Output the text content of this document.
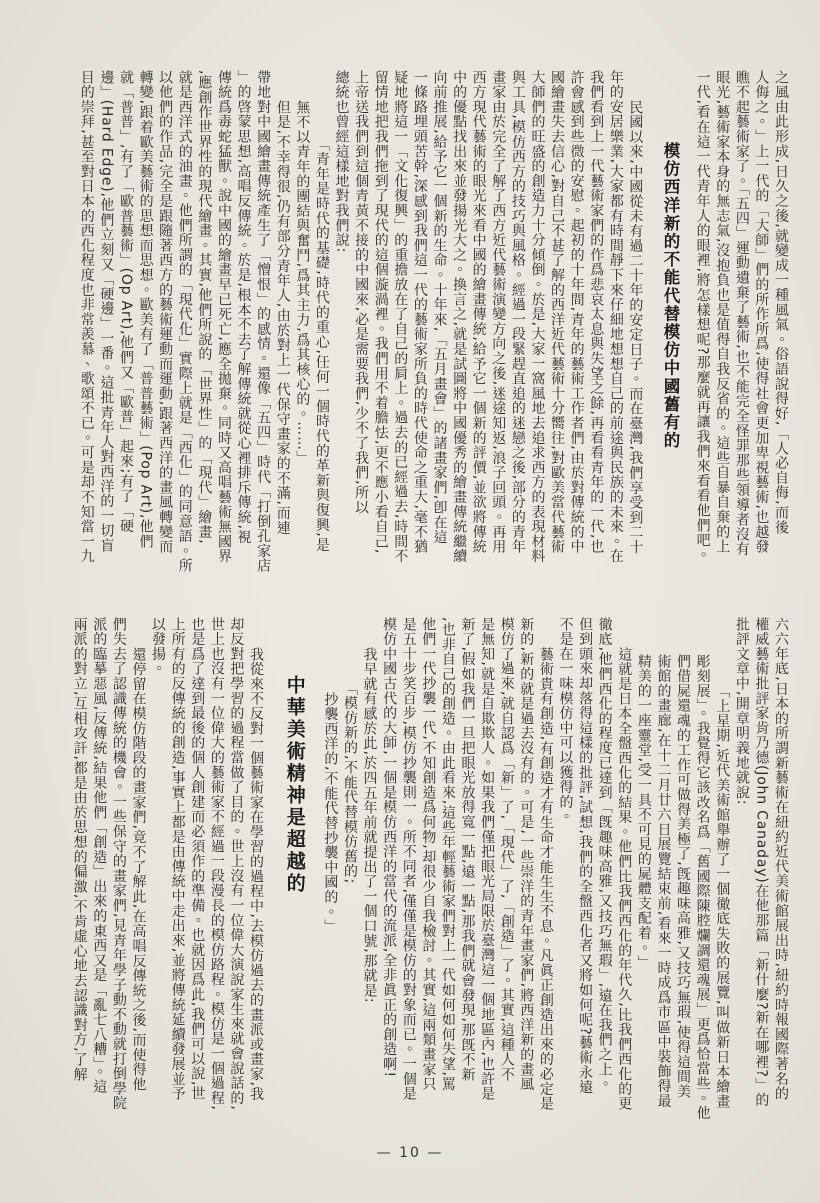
之風由此形成,日久之後,就變成一種風氣。俗語說得好,「人必自侮,而後
人侮之。」上一代的「大師」們的所作所爲,使得社會更加卑視藝術,也越發
瞧不起藝術家了。「五四」運動遺棄了藝術,也不能完全怪罪那些領導者沒有
眼光,藝術家本身的無志氣,沒抱負也是值得自我反省的。這些自暴自棄的上
一代,看在這一代青年人的眼裡,將怎樣想呢?那麼就再讓我們來看看他們吧。
模仿西洋新的不能代替模仿中國舊有的
民國以來,中國從未有過二十年的安定日子。而在臺灣,我們享受到二十
年的安居樂業,大家都有時間靜下來仔細地想想自己的前途與民族的未來。在
我們看到上一代藝術家們的作爲悲哀太息與失望之餘,再看看青年的一代,也
許會感到些微的安慰。起初的十年間,青年的藝術工作者們,由於對傳統的中
國繪畫失去信心,對自己不甚了解的西洋近代藝術十分嚮往,對歐美當代藝術
大師們的旺盛的創造力十分傾倒。於是,大家一窩風地去追求西方的表現材料
與工具,模仿西方的技巧與風格。經過一段緊趕直追的迷戀之後,部分的青年
畫家由於完全了解了西方近代藝術演變方向之後,迷途知返,浪子回頭。再用
西方現代藝術的眼光來看中國的繪畫傳統,給予它一個新的評價,並欲將傳統
中的優點找出來並發揚光大之。換言之,就是試圖將中國優秀的繪畫傳統繼續
向前推展,給予它一個新的生命。十年來,「五月畫會」的諸畫家們,卽在這
一條路埋頭苦幹,深感到我們這一代的藝術家所負的時代使命之重大,毫不猶
疑地將這一「文化復興」的重擔放在了自己的肩上。過去的已經過去,時間不
留情地把我們拖到了現代的這個漩渦裡。我們用不着膽怯,更不應小看自己,
上帝送我們到這個青黃不接的中國來,必是需要我們,少不了我們,所以
總統也曾經這樣地對我們說:
「青年是時代的基礎,時代的重心,任何一個時代的革新與復興,是
無不以青年的團結與奮鬥,爲其主力,爲其核心的。……」
但是,不幸得很,仍有部分青年人,由於對上一代保守畫家的不滿,而連
帶地對中國繪畫傳統產生了「憎恨」的感情。還像「五四」時代「打倒孔家店
」的啓蒙思想,高唱反傳統。於是,根本不去了解傳統就從心裡排斥傳統,視
傳統爲毒蛇猛獸。說中國的繪畫早已死亡,應全拋棄。同時又高唱藝術無國界
,應創作世界性的現代繪畫。其實,他們所說的「世界性」的「現代」繪畫,
就是西洋式的油畫。他們所謂的「現代化」實際上就是「西化」的同意語。所
以他們的作品,完全是跟隨著西方的藝術運動而運動,跟著西洋的畫風轉變而
轉變,跟着歐美藝術的思想而思想。歐美有了「普普藝術」(Pop Art),他們
就「普普」,有了「歐普藝術」(Op Art),他們又「歐普」起來;有了「硬
邊」(Hard Edge),他們立刻又「硬邊」一番。這批青年人對西洋的一切盲
目的崇拜,甚至對日本的西化程度也非常羨慕、歌頌不已。可是却不知當一九
六六年底,日本的所謂新藝術在紐約近代美術館展出時,紐約時報國際著名的
權威藝術批評家肯乃德(John Canaday)在他那篇「新什麼?新在哪裡?」的
批評文章中,開章明義地就說:
「上星期,近代美術館舉辦了一個徹底失敗的展覽,叫做新日本繪畫
彫刻展」。我覺得它該改名爲「舊國際陳腔爛調還魂展」更爲恰當些。他
們借屍還魂的工作可做得美極了,旣趣味高雅,又技巧無瑕,使得這間美
術館的畫廊,在十二月廿六日展覽結束前,看來一時成爲市區中裝飾得最
精美的一座靈堂,受一具不可見的屍體支配着。」
這就是日本全盤西化的結果。他們比我們西化的年代久,比我們西化的更
徹底,他們西化的程度已達到「旣趣味高雅,又技巧無瑕」,遠在我們之上。
但到頭來却落得這樣的批評,試想,我們的全盤西化者又將如何呢?藝術永遠
不是在一味模仿中可以獲得的。
藝術貴有創造,有創造才有生命才能生生不息。凡眞正創造出來的必定是
新的,新的就是過去沒有的。可是,一些崇洋的青年畫家們,將西洋新的畫風
模仿了過來,就自認爲「新」了,「現代」了,「創造」了。其實,這種人不
是無知,就是自欺欺人。如果我們僅把眼光局限於臺灣這一個地區內,也許是
新了,假如我們一旦把眼光放得寬一點,遠一點,那我們就會發現,那旣不新
,也非自己的創造。由此看來,這些年輕藝術家們對上一代如何如何失望,罵
他們一代抄襲一代,不知創造爲何物,却很少自我檢討。其實,這兩類畫家只
是五十步笑百步,模仿抄襲則一。所不同者,僅僅是模仿的對象而已。一個是
模仿中國古代的大師,一個是模仿西洋的當代的流派,全非眞正的創造啊!
我早就有感於此,於四五年前就提出了一個口號,那就是:
「模仿新的,不能代替模仿舊的;
抄襲西洋的,不能代替抄襲中國的。」
中華美術精神是超越的
我從來不反對一個藝術家在學習的過程中,去模仿過去的畫派或畫家,我
却反對把學習的過程當做了目的。世上沒有一位偉大演說家生來就會說話的,
世上也沒有一位偉大的藝術家不經過一段漫長的模仿路程。模仿是一個過程,
也是爲了達到最後的個人創建而必須作的準備。也就因爲此,我們可以說,世
上所有的反傳統的創造,事實上都是由傳統中走出來,並將傳統延續發展並予
以發揚。
還停留在模仿階段的畫家們,竟不了解此,在高唱反傳統之後,而使得他
們失去了認識傳統的機會。一些保守的畫家們,見青年學子動不動就打倒學院
派的臨摹惡風,反傳統,結果他們「創造」出來的東西又是「亂七八糟」。這
兩派的對立,互相攻訐,都是由於思想的偏激,不肯虛心地去認識對方,了解
— 10 —
